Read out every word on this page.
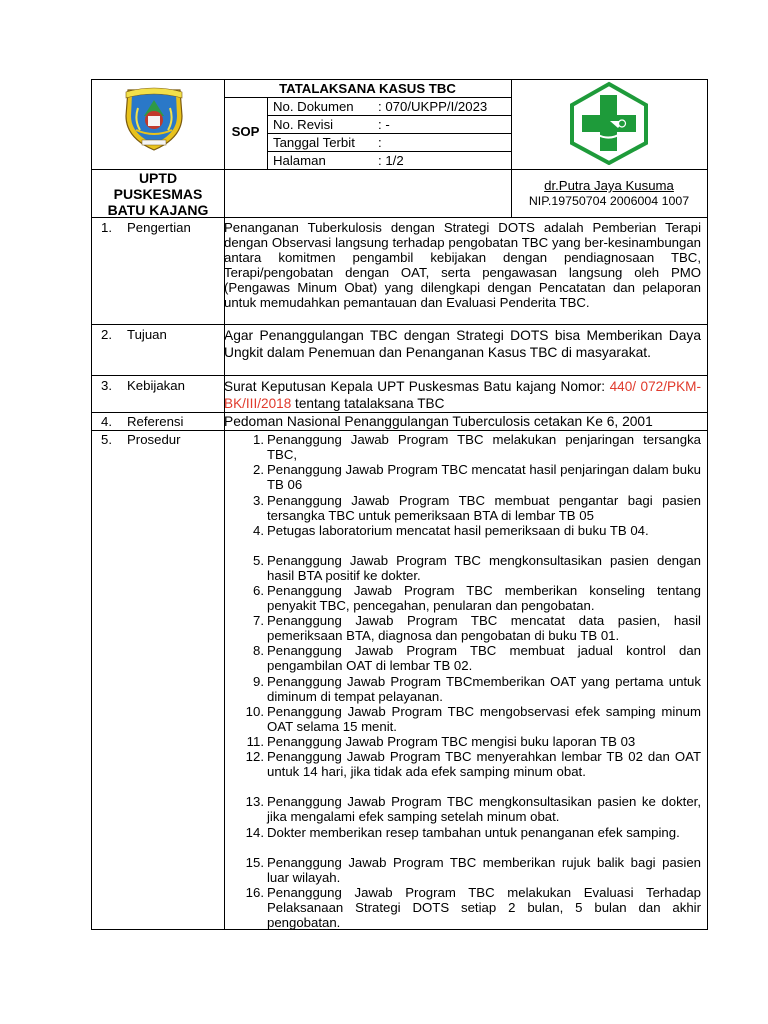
TATALAKSANA KASUS TBC
SOP
No. Dokumen : 070/UKPP/I/2023
No. Revisi	: -
Tanggal Terbit :
Halaman	: 1/2
UPTD
PUSKESMAS
BATU KAJANG
dr.Putra Jaya Kusuma
NIP.19750704 2006004 1007
1. Pengertian	Penanganan Tuberkulosis dengan Strategi DOTS adalah Pemberian Terapi dengan Observasi langsung terhadap pengobatan TBC yang ber-kesinambungan antara komitmen pengambil kebijakan dengan pendiagnosaan TBC, Terapi/pengobatan dengan OAT, serta pengawasan langsung oleh PMO (Pengawas Minum Obat) yang dilengkapi dengan Pencatatan dan pelaporan untuk memudahkan pemantauan dan Evaluasi Penderita TBC.
2. Tujuan	Agar Penanggulangan TBC dengan Strategi DOTS bisa Memberikan Daya Ungkit dalam Penemuan dan Penanganan Kasus TBC di masyarakat.
3. Kebijakan	Surat Keputusan Kepala UPT Puskesmas Batu kajang Nomor: 440/ 072/PKM-BK/III/2018 tentang tatalaksana TBC
4. Referensi	Pedoman Nasional Penanggulangan Tuberculosis cetakan Ke 6, 2001
5. Prosedur	1. Penanggung Jawab Program TBC melakukan penjaringan tersangka TBC,
2. Penanggung Jawab Program TBC mencatat hasil penjaringan dalam buku TB 06
3. Penanggung Jawab Program TBC membuat pengantar bagi pasien tersangka TBC untuk pemeriksaan BTA di lembar TB 05
4. Petugas laboratorium mencatat hasil pemeriksaan di buku TB 04.
5. Penanggung Jawab Program TBC mengkonsultasikan pasien dengan hasil BTA positif ke dokter.
6. Penanggung Jawab Program TBC memberikan konseling tentang penyakit TBC, pencegahan, penularan dan pengobatan.
7. Penanggung Jawab Program TBC mencatat data pasien, hasil pemeriksaan BTA, diagnosa dan pengobatan di buku TB 01.
8. Penanggung Jawab Program TBC membuat jadual kontrol dan pengambilan OAT di lembar TB 02.
9. Penanggung Jawab Program TBCmemberikan OAT yang pertama untuk diminum di tempat pelayanan.
10. Penanggung Jawab Program TBC mengobservasi efek samping minum OAT selama 15 menit.
11. Penanggung Jawab Program TBC mengisi buku laporan TB 03
12. Penanggung Jawab Program TBC menyerahkan lembar TB 02 dan OAT untuk 14 hari, jika tidak ada efek samping minum obat.
13. Penanggung Jawab Program TBC mengkonsultasikan pasien ke dokter, jika mengalami efek samping setelah minum obat.
14. Dokter memberikan resep tambahan untuk penanganan efek samping.
15. Penanggung Jawab Program TBC memberikan rujuk balik bagi pasien luar wilayah.
16. Penanggung Jawab Program TBC melakukan Evaluasi Terhadap Pelaksanaan Strategi DOTS setiap 2 bulan, 5 bulan dan akhir pengobatan.
